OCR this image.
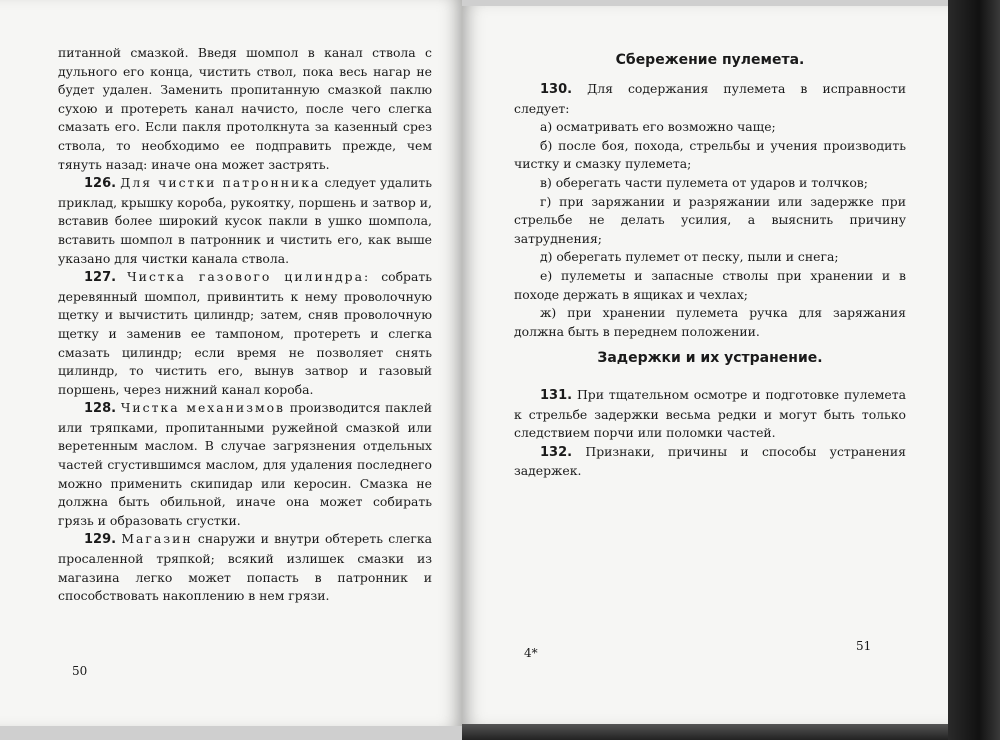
питанной смазкой. Введя шомпол в канал ствола с дульного его конца, чистить ствол, пока весь нагар не будет удален. Заменить пропитанную смазкой паклю сухою и протереть канал начисто, после чего слегка смазать его. Если пакля протолкнута за казенный срез ствола, то необходимо ее подправить прежде, чем тянуть назад: иначе она может застрять.

126. Для чистки патронника следует удалить приклад, крышку короба, рукоятку, поршень и затвор и, вставив более широкий кусок пакли в ушко шомпола, вставить шомпол в патронник и чистить его, как выше указано для чистки канала ствола.

127. Чистка газового цилиндра: собрать деревянный шомпол, привинтить к нему проволочную щетку и вычистить цилиндр; затем, сняв проволочную щетку и заменив ее тампоном, протереть и слегка смазать цилиндр; если время не позволяет снять цилиндр, то чистить его, вынув затвор и газовый поршень, через нижний канал короба.

128. Чистка механизмов производится паклей или тряпками, пропитанными ружейной смазкой или веретенным маслом. В случае загрязнения отдельных частей сгустившимся маслом, для удаления последнего можно применить скипидар или керосин. Смазка не должна быть обильной, иначе она может собирать грязь и образовать сгустки.

129. Магазин снаружи и внутри обтереть слегка просаленной тряпкой; всякий излишек смазки из магазина легко может попасть в патронник и способствовать накоплению в нем грязи.

50
Сбережение пулемета.

130. Для содержания пулемета в исправности следует:

а) осматривать его возможно чаще;

б) после боя, похода, стрельбы и учения производить чистку и смазку пулемета;

в) оберегать части пулемета от ударов и толчков;

г) при заряжании и разряжании или задержке при стрельбе не делать усилия, а выяснить причину затруднения;

д) оберегать пулемет от песку, пыли и снега;

е) пулеметы и запасные стволы при хранении и в походе держать в ящиках и чехлах;

ж) при хранении пулемета ручка для заряжания должна быть в переднем положении.

Задержки и их устранение.

131. При тщательном осмотре и подготовке пулемета к стрельбе задержки весьма редки и могут быть только следствием порчи или поломки частей.

132. Признаки, причины и способы устранения задержек.

4*	51
